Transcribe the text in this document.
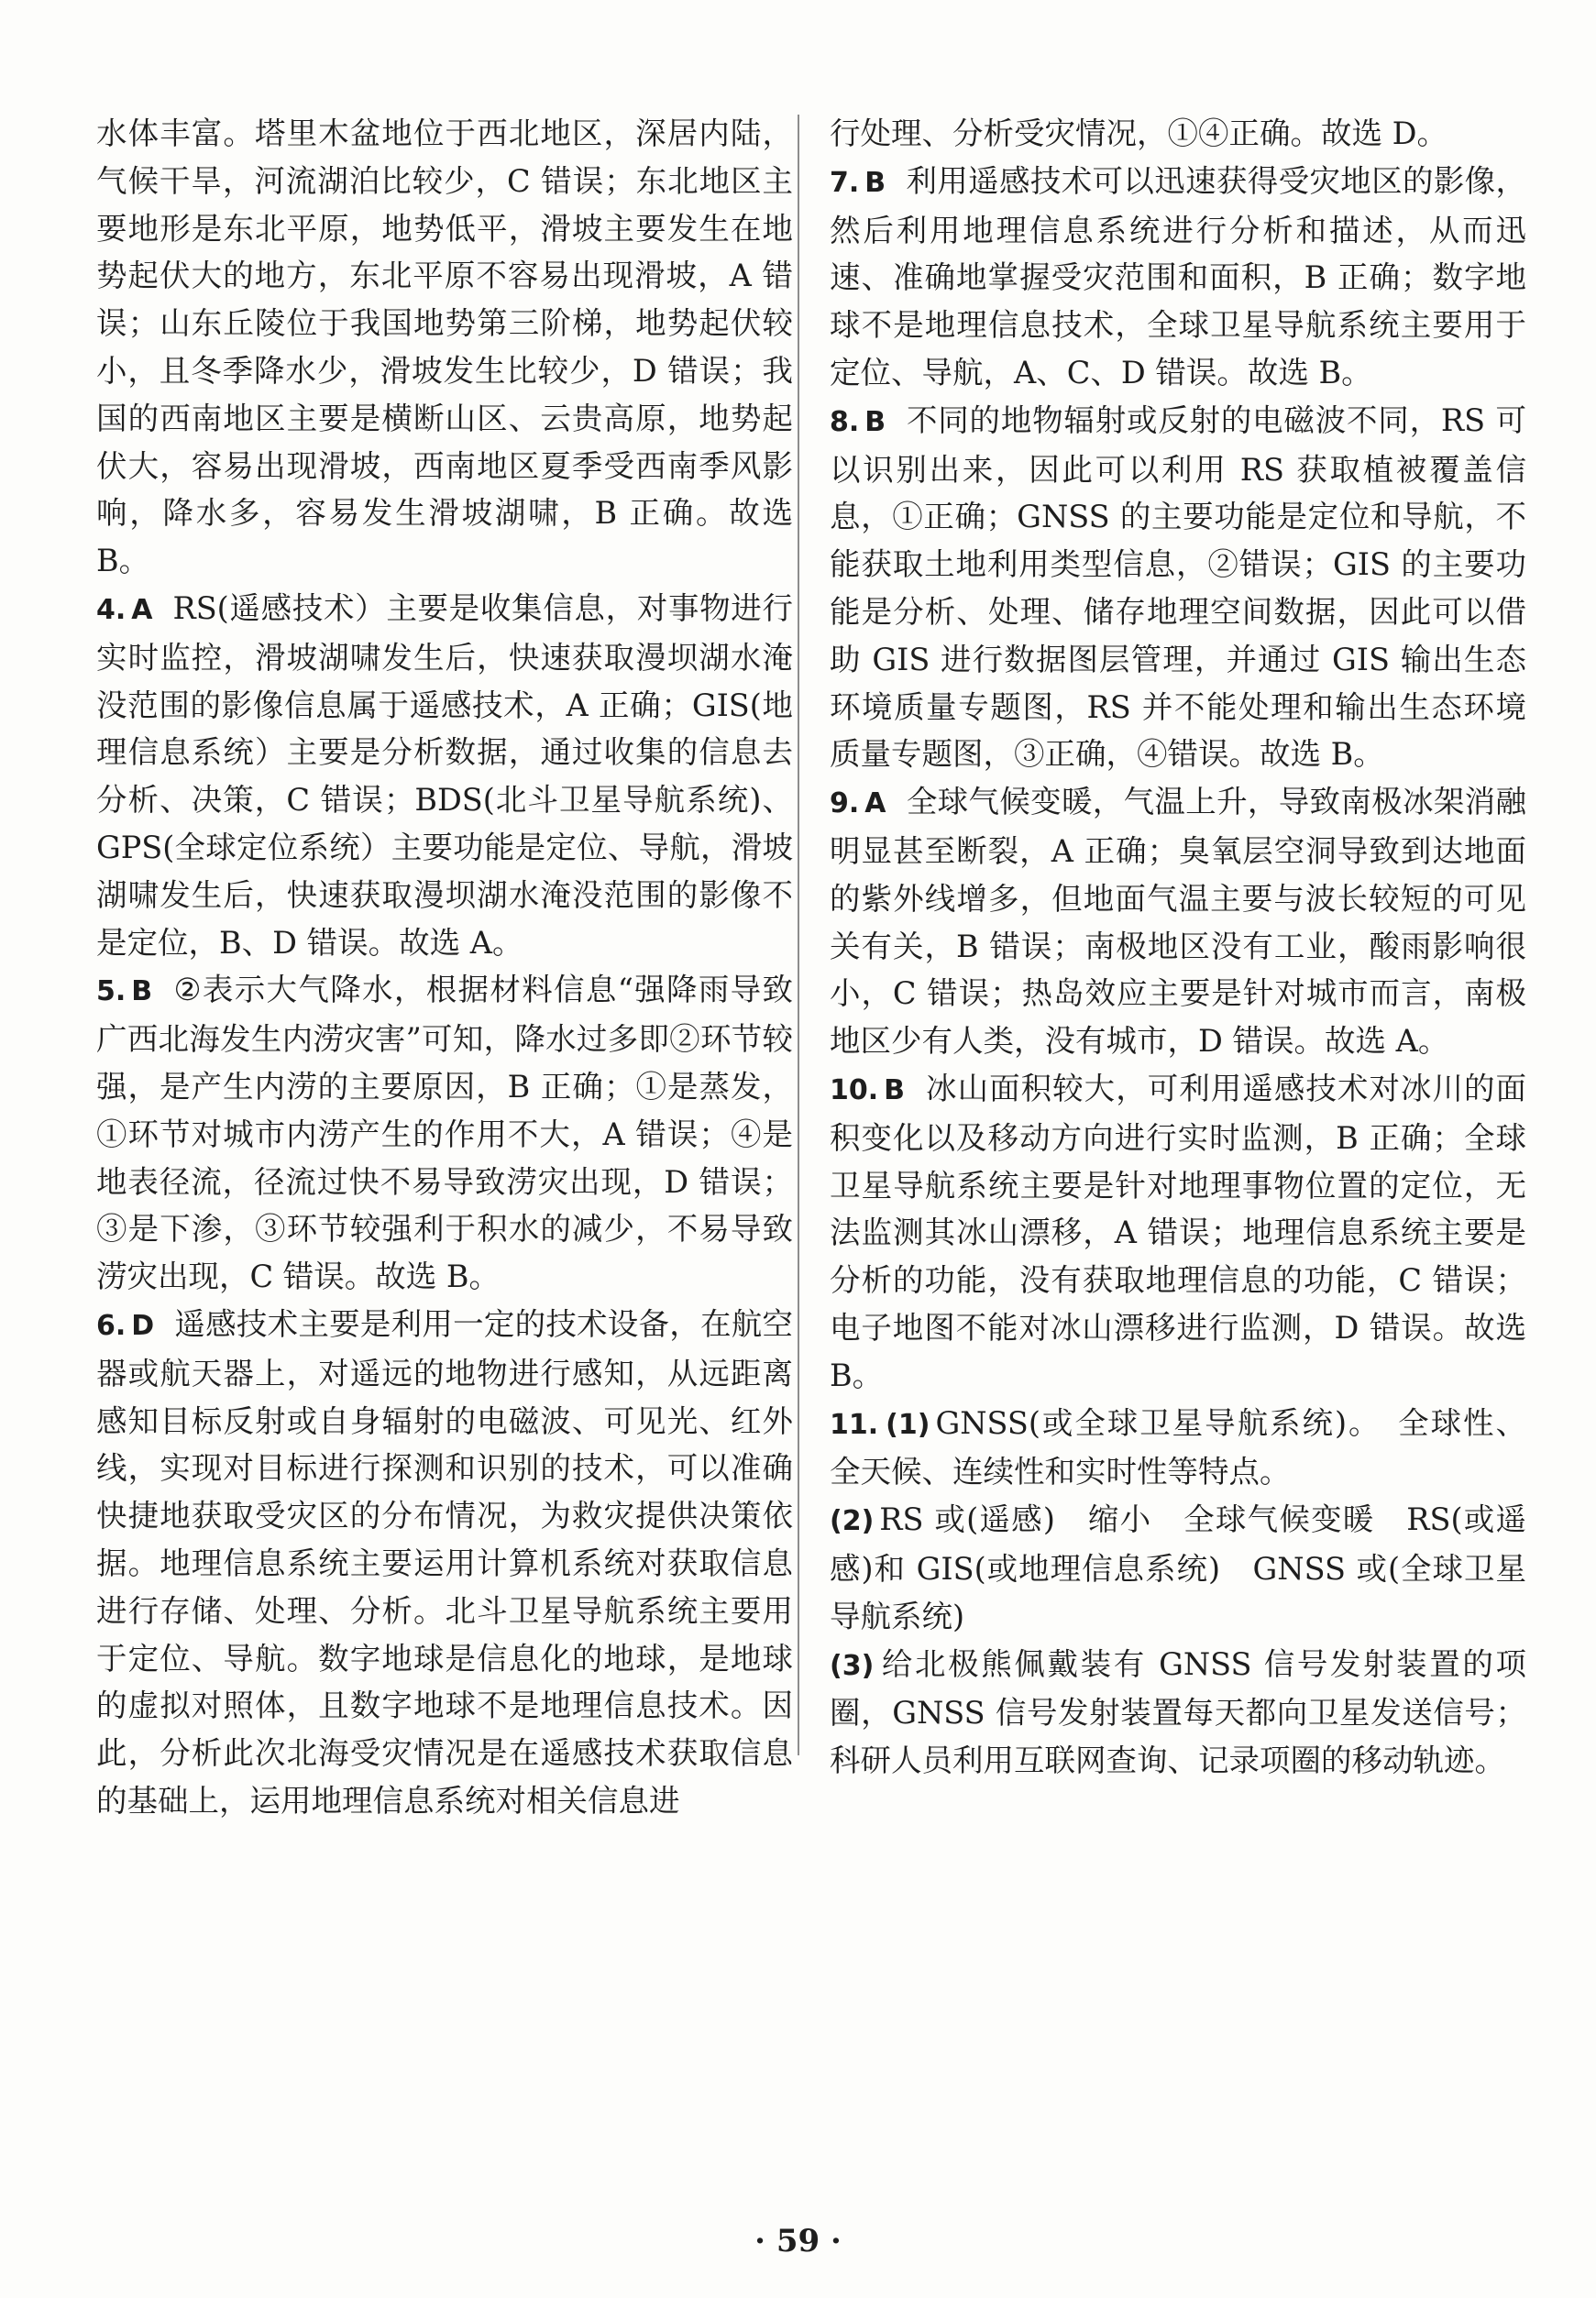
水体丰富。塔里木盆地位于西北地区，深居内陆，气候干旱，河流湖泊比较少，C 错误；东北地区主要地形是东北平原，地势低平，滑坡主要发生在地势起伏大的地方，东北平原不容易出现滑坡，A 错误；山东丘陵位于我国地势第三阶梯，地势起伏较小，且冬季降水少，滑坡发生比较少，D 错误；我国的西南地区主要是横断山区、云贵高原，地势起伏大，容易出现滑坡，西南地区夏季受西南季风影响，降水多，容易发生滑坡湖啸，B 正确。故选 B。

4. A RS(遥感技术）主要是收集信息，对事物进行实时监控，滑坡湖啸发生后，快速获取漫坝湖水淹没范围的影像信息属于遥感技术，A 正确；GIS(地理信息系统）主要是分析数据，通过收集的信息去分析、决策，C 错误；BDS(北斗卫星导航系统)、GPS(全球定位系统）主要功能是定位、导航，滑坡湖啸发生后，快速获取漫坝湖水淹没范围的影像不是定位，B、D 错误。故选 A。

5. B ②表示大气降水，根据材料信息“强降雨导致广西北海发生内涝灾害”可知，降水过多即②环节较强，是产生内涝的主要原因，B 正确；①是蒸发，①环节对城市内涝产生的作用不大，A 错误；④是地表径流，径流过快不易导致涝灾出现，D 错误；③是下渗，③环节较强利于积水的减少，不易导致涝灾出现，C 错误。故选 B。

6. D 遥感技术主要是利用一定的技术设备，在航空器或航天器上，对遥远的地物进行感知，从远距离感知目标反射或自身辐射的电磁波、可见光、红外线，实现对目标进行探测和识别的技术，可以准确快捷地获取受灾区的分布情况，为救灾提供决策依据。地理信息系统主要运用计算机系统对获取信息进行存储、处理、分析。北斗卫星导航系统主要用于定位、导航。数字地球是信息化的地球，是地球的虚拟对照体，且数字地球不是地理信息技术。因此，分析此次北海受灾情况是在遥感技术获取信息的基础上，运用地理信息系统对相关信息进

行处理、分析受灾情况，①④正确。故选 D。

7. B 利用遥感技术可以迅速获得受灾地区的影像，然后利用地理信息系统进行分析和描述，从而迅速、准确地掌握受灾范围和面积，B 正确；数字地球不是地理信息技术，全球卫星导航系统主要用于定位、导航，A、C、D 错误。故选 B。

8. B 不同的地物辐射或反射的电磁波不同，RS 可以识别出来，因此可以利用 RS 获取植被覆盖信息，①正确；GNSS 的主要功能是定位和导航，不能获取土地利用类型信息，②错误；GIS 的主要功能是分析、处理、储存地理空间数据，因此可以借助 GIS 进行数据图层管理，并通过 GIS 输出生态环境质量专题图，RS 并不能处理和输出生态环境质量专题图，③正确，④错误。故选 B。

9. A 全球气候变暖，气温上升，导致南极冰架消融明显甚至断裂，A 正确；臭氧层空洞导致到达地面的紫外线增多，但地面气温主要与波长较短的可见关有关，B 错误；南极地区没有工业，酸雨影响很小，C 错误；热岛效应主要是针对城市而言，南极地区少有人类，没有城市，D 错误。故选 A。

10. B 冰山面积较大，可利用遥感技术对冰川的面积变化以及移动方向进行实时监测，B 正确；全球卫星导航系统主要是针对地理事物位置的定位，无法监测其冰山漂移，A 错误；地理信息系统主要是分析的功能，没有获取地理信息的功能，C 错误；电子地图不能对冰山漂移进行监测，D 错误。故选 B。

11. (1) GNSS(或全球卫星导航系统)。　全球性、全天候、连续性和实时性等特点。

(2) RS 或(遥感)　缩小　全球气候变暖　RS(或遥感)和 GIS(或地理信息系统)　GNSS 或(全球卫星导航系统)

(3) 给北极熊佩戴装有 GNSS 信号发射装置的项圈，GNSS 信号发射装置每天都向卫星发送信号；科研人员利用互联网查询、记录项圈的移动轨迹。

· 59 ·
